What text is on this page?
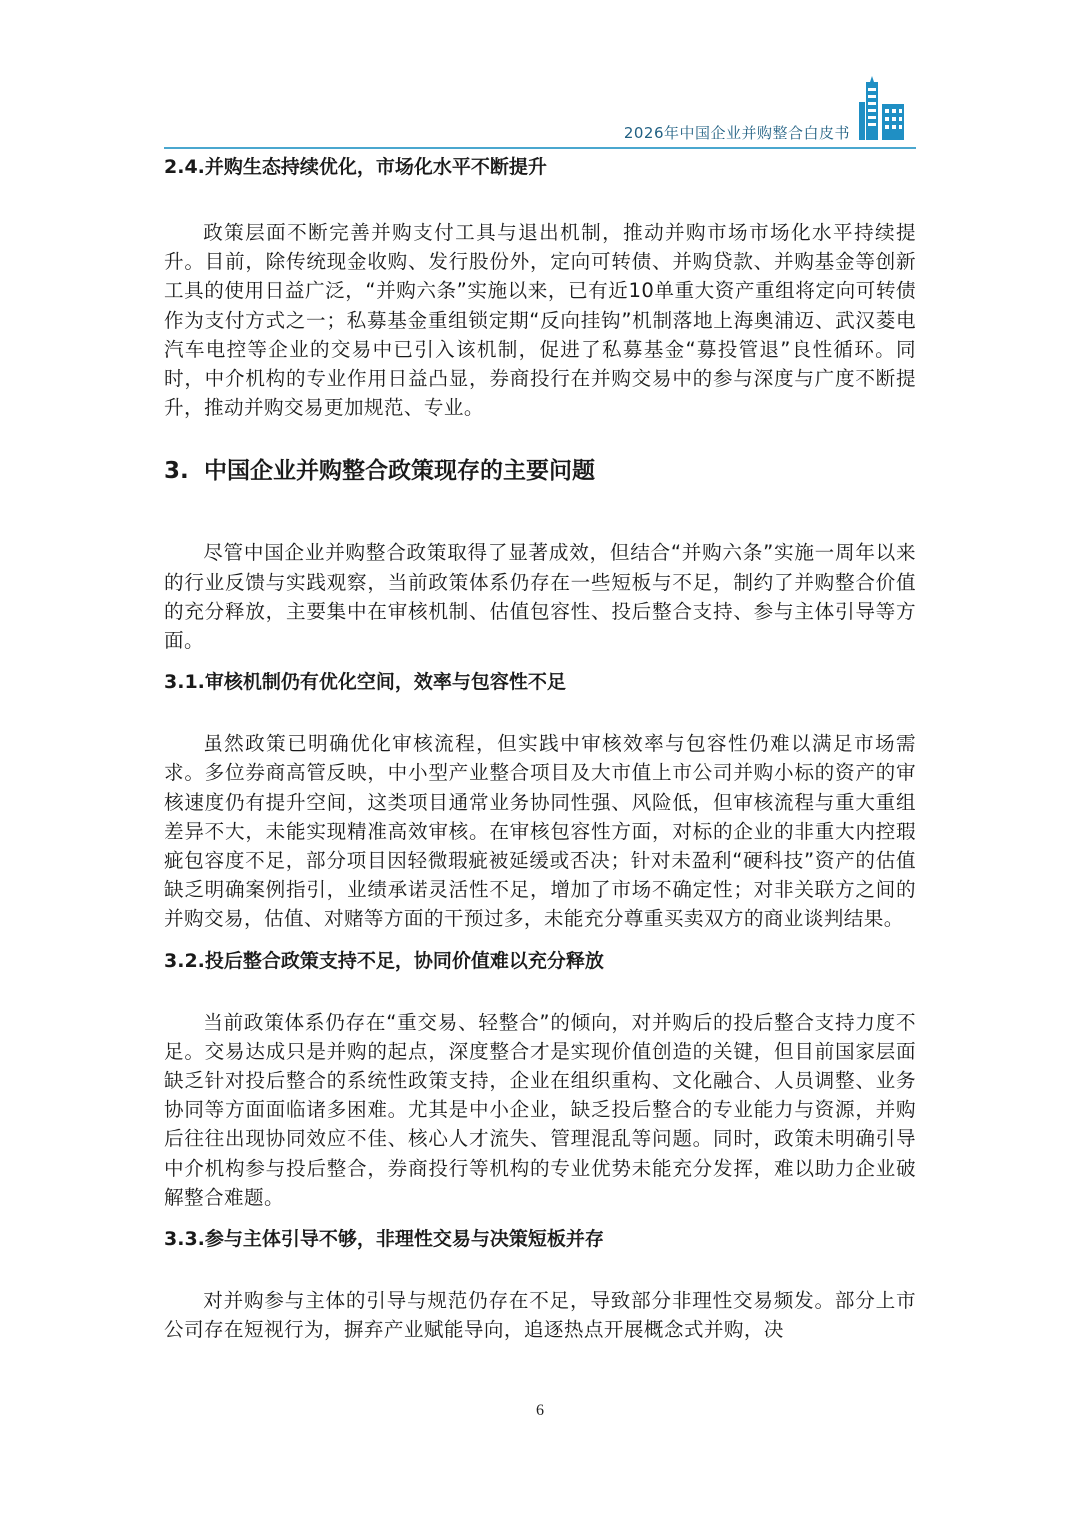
2026年中国企业并购整合白皮书
2.4.并购生态持续优化，市场化水平不断提升

政策层面不断完善并购支付工具与退出机制，推动并购市场市场化水平持续提升。目前，除传统现金收购、发行股份外，定向可转债、并购贷款、并购基金等创新工具的使用日益广泛，“并购六条”实施以来，已有近10单重大资产重组将定向可转债作为支付方式之一；私募基金重组锁定期“反向挂钩”机制落地上海奥浦迈、武汉菱电汽车电控等企业的交易中已引入该机制，促进了私募基金“募投管退”良性循环。同时，中介机构的专业作用日益凸显，券商投行在并购交易中的参与深度与广度不断提升，推动并购交易更加规范、专业。

3. 中国企业并购整合政策现存的主要问题

尽管中国企业并购整合政策取得了显著成效，但结合“并购六条”实施一周年以来的行业反馈与实践观察，当前政策体系仍存在一些短板与不足，制约了并购整合价值的充分释放，主要集中在审核机制、估值包容性、投后整合支持、参与主体引导等方面。

3.1.审核机制仍有优化空间，效率与包容性不足

虽然政策已明确优化审核流程，但实践中审核效率与包容性仍难以满足市场需求。多位券商高管反映，中小型产业整合项目及大市值上市公司并购小标的资产的审核速度仍有提升空间，这类项目通常业务协同性强、风险低，但审核流程与重大重组差异不大，未能实现精准高效审核。在审核包容性方面，对标的企业的非重大内控瑕疵包容度不足，部分项目因轻微瑕疵被延缓或否决；针对未盈利“硬科技”资产的估值缺乏明确案例指引，业绩承诺灵活性不足，增加了市场不确定性；对非关联方之间的并购交易，估值、对赌等方面的干预过多，未能充分尊重买卖双方的商业谈判结果。

3.2.投后整合政策支持不足，协同价值难以充分释放

当前政策体系仍存在“重交易、轻整合”的倾向，对并购后的投后整合支持力度不足。交易达成只是并购的起点，深度整合才是实现价值创造的关键，但目前国家层面缺乏针对投后整合的系统性政策支持，企业在组织重构、文化融合、人员调整、业务协同等方面面临诸多困难。尤其是中小企业，缺乏投后整合的专业能力与资源，并购后往往出现协同效应不佳、核心人才流失、管理混乱等问题。同时，政策未明确引导中介机构参与投后整合，券商投行等机构的专业优势未能充分发挥，难以助力企业破解整合难题。

3.3.参与主体引导不够，非理性交易与决策短板并存

对并购参与主体的引导与规范仍存在不足，导致部分非理性交易频发。部分上市公司存在短视行为，摒弃产业赋能导向，追逐热点开展概念式并购，决

6
